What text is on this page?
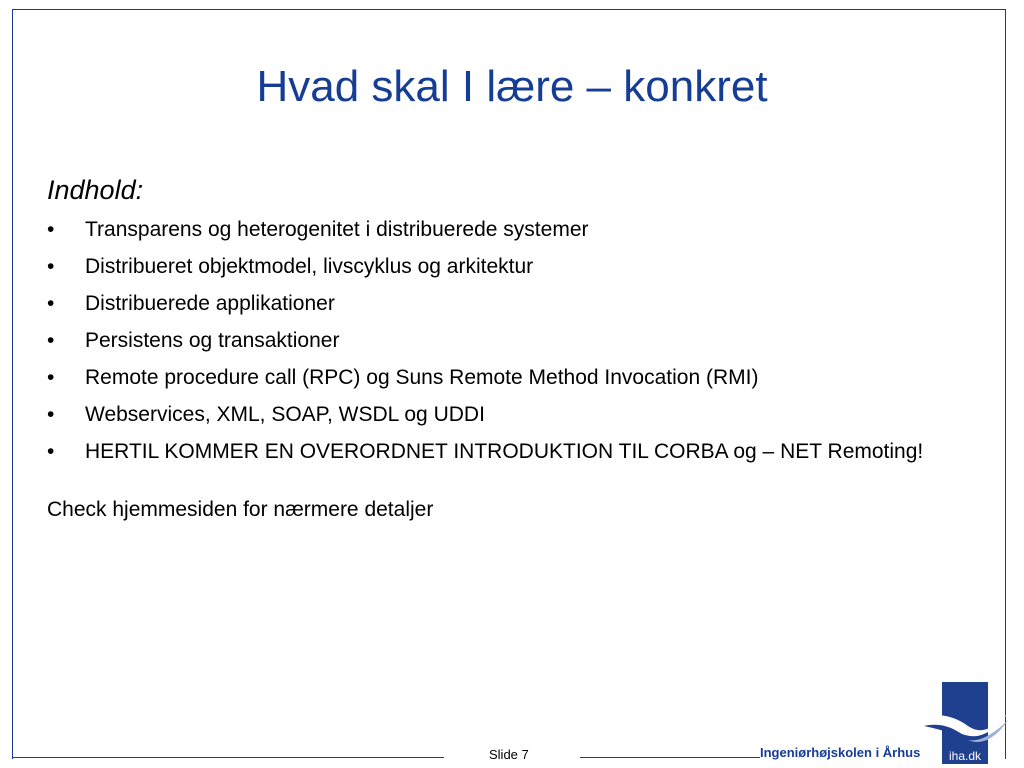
Hvad skal I lære – konkret
Indhold:
• Transparens og heterogenitet i distribuerede systemer
• Distribueret objektmodel, livscyklus og arkitektur
• Distribuerede applikationer
• Persistens og transaktioner
• Remote procedure call (RPC) og Suns Remote Method Invocation (RMI)
• Webservices, XML, SOAP, WSDL og UDDI
• HERTIL KOMMER EN OVERORDNET INTRODUKTION TIL CORBA og – NET Remoting!
Check hjemmesiden for nærmere detaljer
Slide 7	Ingeniørhøjskolen i Århus iha.dk
